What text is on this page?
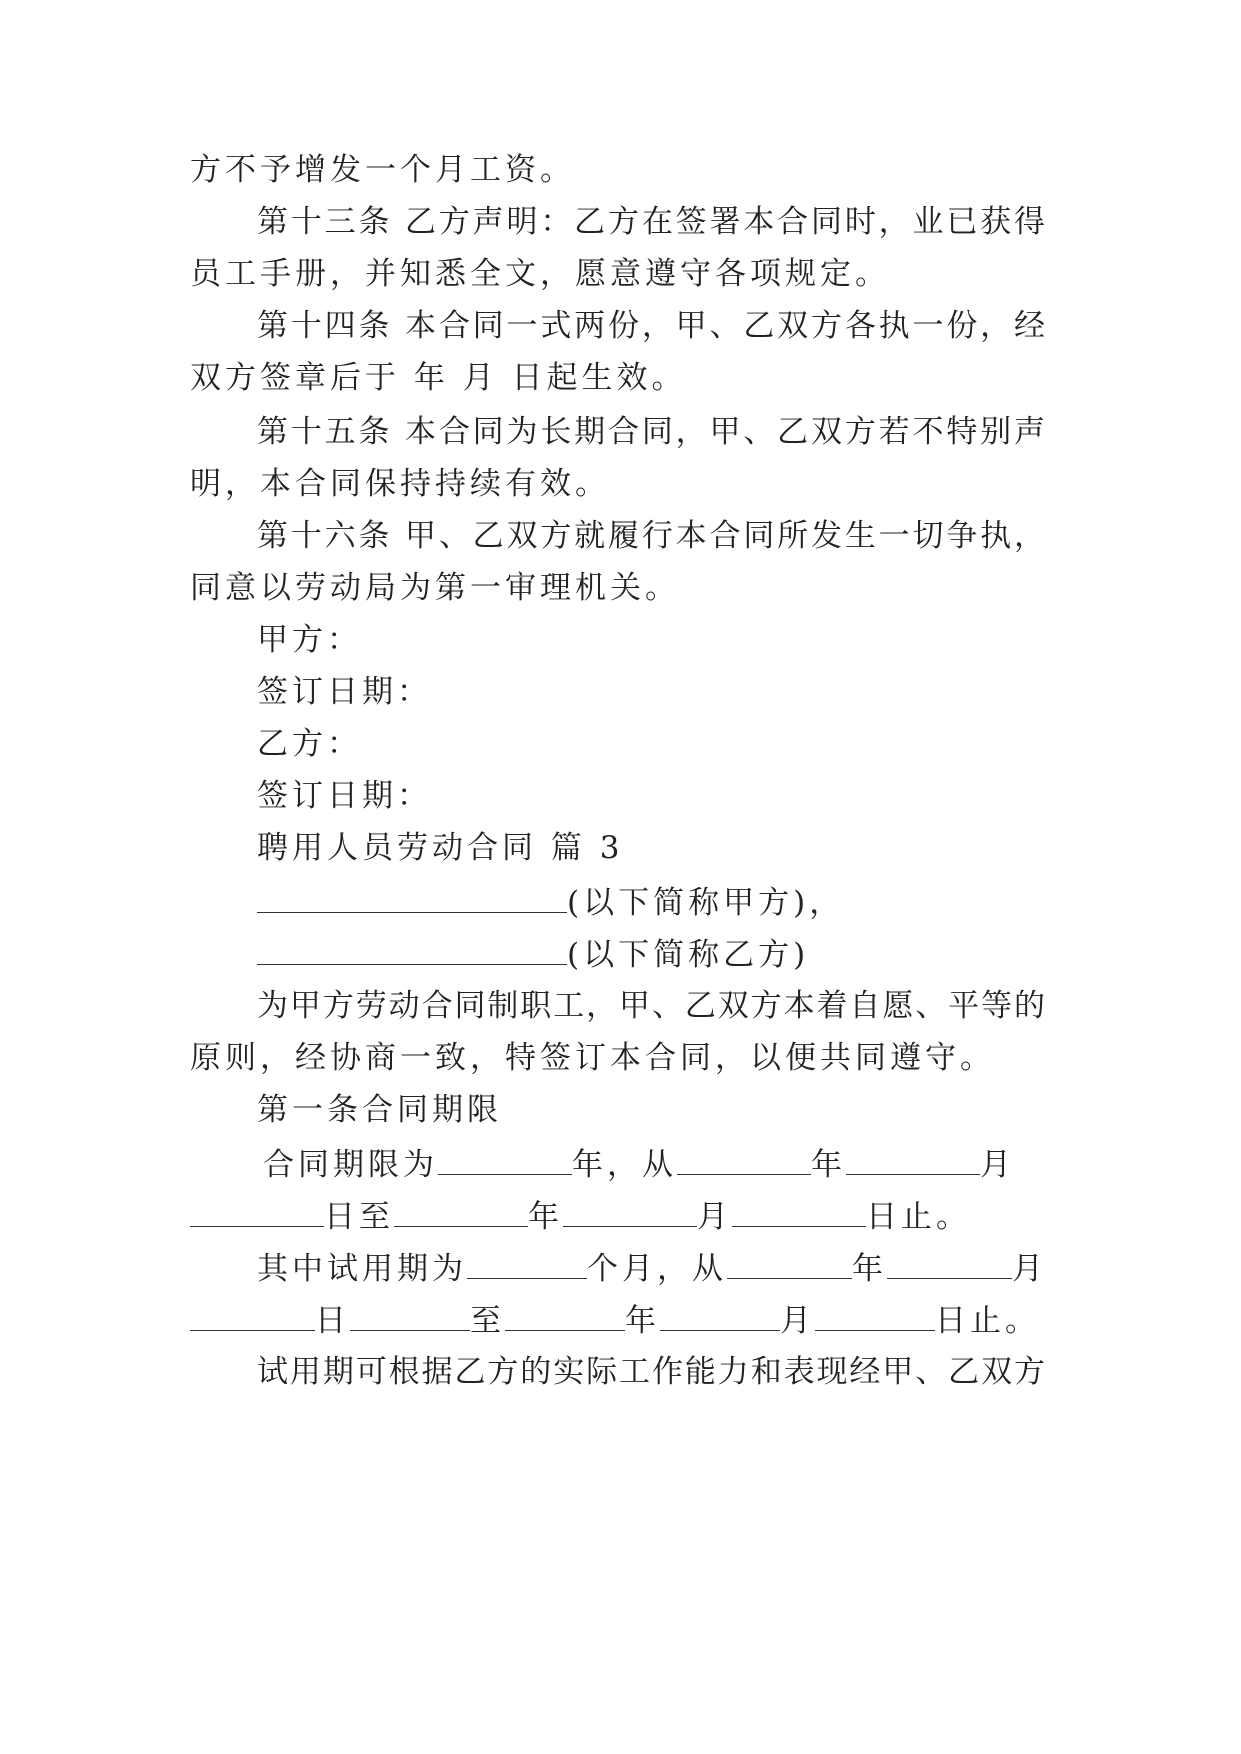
方不予增发一个月工资。
第十三条 乙方声明：乙方在签署本合同时，业已获得
员工手册，并知悉全文，愿意遵守各项规定。
第十四条 本合同一式两份，甲、乙双方各执一份，经
双方签章后于 年 月 日起生效。
第十五条 本合同为长期合同，甲、乙双方若不特别声
明，本合同保持持续有效。
第十六条 甲、乙双方就履行本合同所发生一切争执，
同意以劳动局为第一审理机关。
甲方：
签订日期：
乙方：
签订日期：
聘用人员劳动合同 篇 3
(以下简称甲方)，
(以下简称乙方)
为甲方劳动合同制职工，甲、乙双方本着自愿、平等的
原则，经协商一致，特签订本合同，以便共同遵守。
第一条合同期限
合同期限为	年，从	年	月
日至	年	月	日止。
其中试用期为	个月，从	年	月
日	至	年	月	日止。
试用期可根据乙方的实际工作能力和表现经甲、乙双方
